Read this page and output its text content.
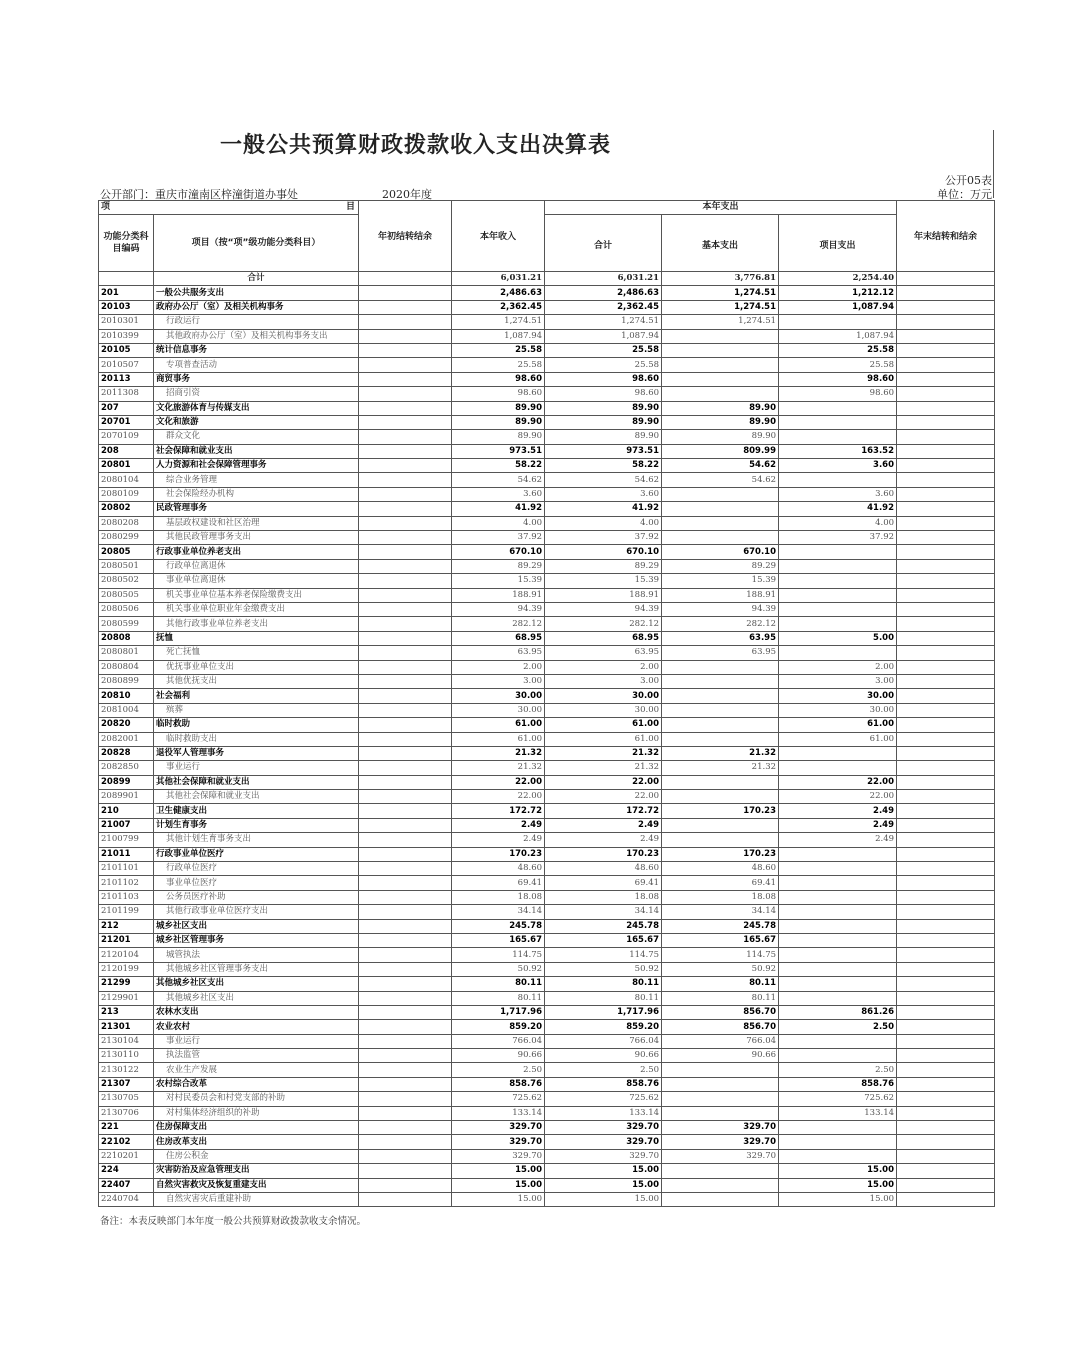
一般公共预算财政拨款收入支出决算表
公开05表
单位：万元
公开部门：重庆市潼南区梓潼街道办事处	2020年度
项 目		年初结转结余	本年收入	本年支出			年末结转和结余
功能分类科目编码	项目（按“项”级功能分类科目）			合计	基本支出	项目支出	

	合计		6,031.21	6,031.21	3,776.81	2,254.40	
201	一般公共服务支出		2,486.63	2,486.63	1,274.51	1,212.12	
20103	政府办公厅（室）及相关机构事务		2,362.45	2,362.45	1,274.51	1,087.94	
2010301	行政运行		1,274.51	1,274.51	1,274.51		
2010399	其他政府办公厅（室）及相关机构事务支出		1,087.94	1,087.94		1,087.94	
20105	统计信息事务		25.58	25.58		25.58	
2010507	专项普查活动		25.58	25.58		25.58	
20113	商贸事务		98.60	98.60		98.60	
2011308	招商引资		98.60	98.60		98.60	
207	文化旅游体育与传媒支出		89.90	89.90	89.90		
20701	文化和旅游		89.90	89.90	89.90		
2070109	群众文化		89.90	89.90	89.90		
208	社会保障和就业支出		973.51	973.51	809.99	163.52	
20801	人力资源和社会保障管理事务		58.22	58.22	54.62	3.60	
2080104	综合业务管理		54.62	54.62	54.62		
2080109	社会保险经办机构		3.60	3.60		3.60	
20802	民政管理事务		41.92	41.92		41.92	
2080208	基层政权建设和社区治理		4.00	4.00		4.00	
2080299	其他民政管理事务支出		37.92	37.92		37.92	
20805	行政事业单位养老支出		670.10	670.10	670.10		
2080501	行政单位离退休		89.29	89.29	89.29		
2080502	事业单位离退休		15.39	15.39	15.39		
2080505	机关事业单位基本养老保险缴费支出		188.91	188.91	188.91		
2080506	机关事业单位职业年金缴费支出		94.39	94.39	94.39		
2080599	其他行政事业单位养老支出		282.12	282.12	282.12		
20808	抚恤		68.95	68.95	63.95	5.00	
2080801	死亡抚恤		63.95	63.95	63.95		
2080804	优抚事业单位支出		2.00	2.00		2.00	
2080899	其他优抚支出		3.00	3.00		3.00	
20810	社会福利		30.00	30.00		30.00	
2081004	殡葬		30.00	30.00		30.00	
20820	临时救助		61.00	61.00		61.00	
2082001	临时救助支出		61.00	61.00		61.00	
20828	退役军人管理事务		21.32	21.32	21.32		
2082850	事业运行		21.32	21.32	21.32		
20899	其他社会保障和就业支出		22.00	22.00		22.00	
2089901	其他社会保障和就业支出		22.00	22.00		22.00	
210	卫生健康支出		172.72	172.72	170.23	2.49	
21007	计划生育事务		2.49	2.49		2.49	
2100799	其他计划生育事务支出		2.49	2.49		2.49	
21011	行政事业单位医疗		170.23	170.23	170.23		
2101101	行政单位医疗		48.60	48.60	48.60		
2101102	事业单位医疗		69.41	69.41	69.41		
2101103	公务员医疗补助		18.08	18.08	18.08		
2101199	其他行政事业单位医疗支出		34.14	34.14	34.14		
212	城乡社区支出		245.78	245.78	245.78		
21201	城乡社区管理事务		165.67	165.67	165.67		
2120104	城管执法		114.75	114.75	114.75		
2120199	其他城乡社区管理事务支出		50.92	50.92	50.92		
21299	其他城乡社区支出		80.11	80.11	80.11		
2129901	其他城乡社区支出		80.11	80.11	80.11		
213	农林水支出		1,717.96	1,717.96	856.70	861.26	
21301	农业农村		859.20	859.20	856.70	2.50	
2130104	事业运行		766.04	766.04	766.04		
2130110	执法监管		90.66	90.66	90.66		
2130122	农业生产发展		2.50	2.50		2.50	
21307	农村综合改革		858.76	858.76		858.76	
2130705	对村民委员会和村党支部的补助		725.62	725.62		725.62	
2130706	对村集体经济组织的补助		133.14	133.14		133.14	
221	住房保障支出		329.70	329.70	329.70		
22102	住房改革支出		329.70	329.70	329.70		
2210201	住房公积金		329.70	329.70	329.70		
224	灾害防治及应急管理支出		15.00	15.00		15.00	
22407	自然灾害救灾及恢复重建支出		15.00	15.00		15.00	
2240704	自然灾害灾后重建补助		15.00	15.00		15.00	
备注：本表反映部门本年度一般公共预算财政拨款收支余情况。
